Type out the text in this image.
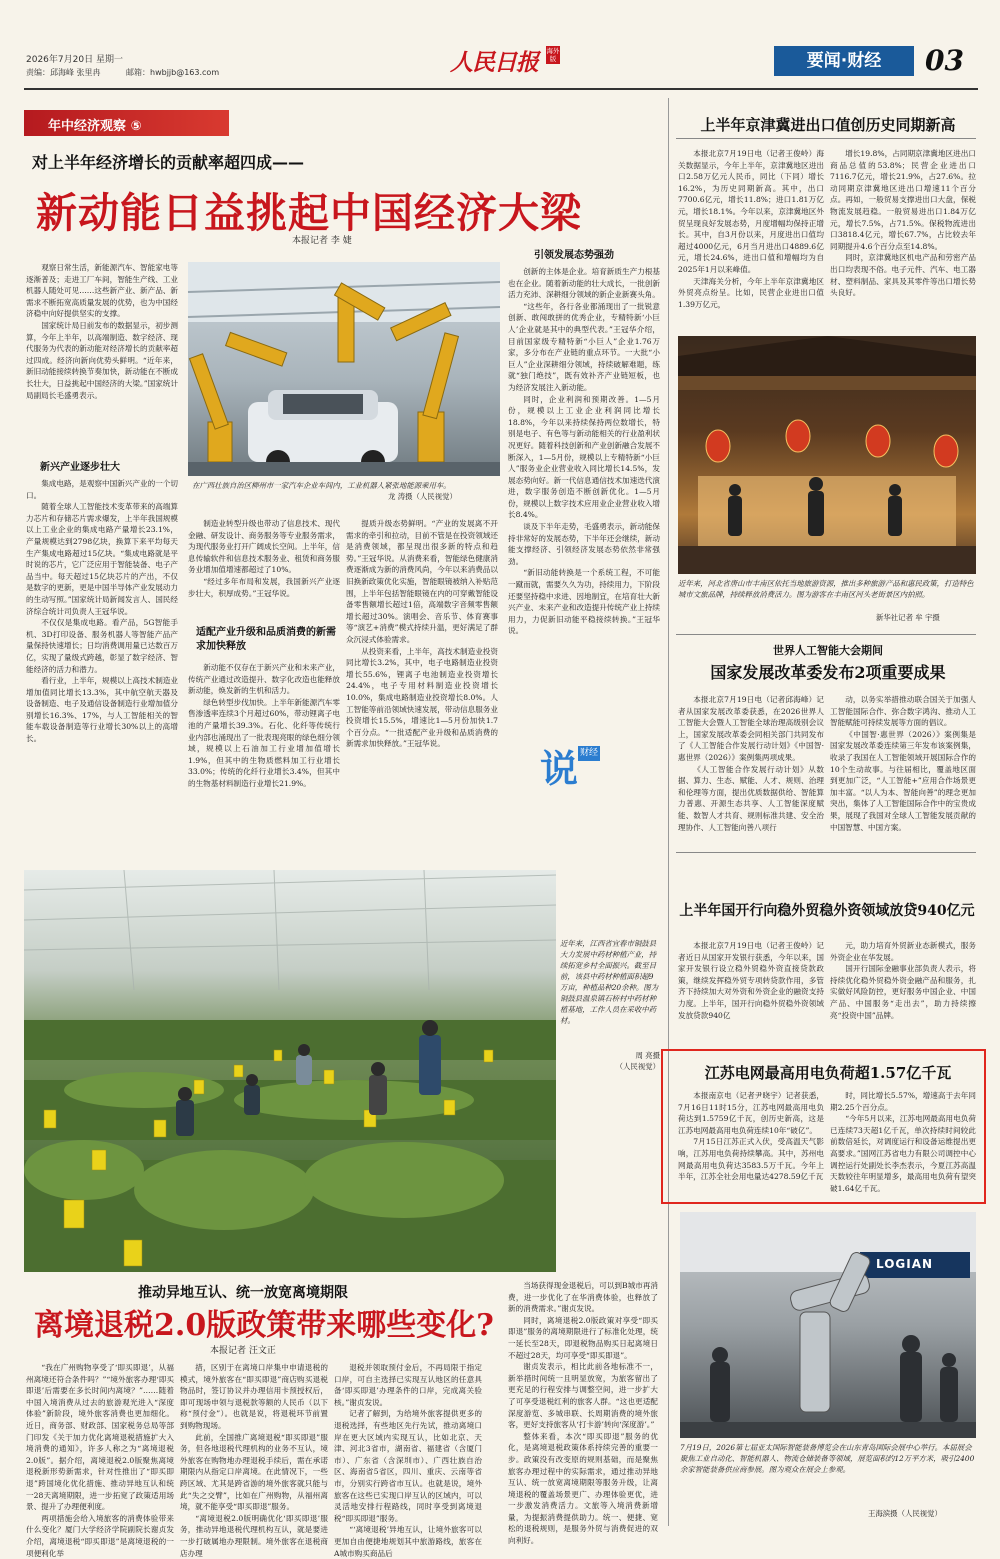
2026年7月20日 星期一
责编：邱海峰 张里冉	邮箱：hwbjjb@163.com	人民日报 海外版	要闻·财经	03
年中经济观察 ⑤
对上半年经济增长的贡献率超四成——
新动能日益挑起中国经济大梁
本报记者 李 婕

观察日常生活，新能源汽车、智能家电等逐渐普及；走进工厂车间，智能生产线、工业机器人随处可见……这些新产业、新产品、新需求不断拓宽高质量发展的优势，也为中国经济稳中向好提供坚实的支撑。

国家统计局日前发布的数据显示，初步测算，今年上半年，以高端制造、数字经济、现代服务为代表的新动能对经济增长的贡献率超过四成。经济向新向优势头鲜明。“近年来，新旧动能接续转换节奏加快，新动能在不断成长壮大，日益挑起中国经济的大梁。”国家统计局副局长毛盛勇表示。

新兴产业逐步壮大

集成电路，是观察中国新兴产业的一个切口。

随着全球人工智能技术变革带来的高端算力芯片和存储芯片需求爆发，上半年我国规模以上工业企业的集成电路产量增长23.1%，产量规模达到2798亿块，换算下来平均每天生产集成电路超过15亿块。“集成电路就是平时说的芯片，它广泛应用于智能装备、电子产品当中。每天超过15亿块芯片的产出，不仅是数字的更新，更是中国半导体产业发展动力的生动写照。”国家统计局新闻发言人、国民经济综合统计司负责人王冠华说。

不仅仅是集成电路。看产品，5G智能手机、3D打印设备、服务机器人等智能产品产量保持快速增长；日均消费调用量已达数百万亿，实现了量级式跨越，彰显了数字经济、智能经济的活力和潜力。

看行业，上半年，规模以上高技术制造业增加值同比增长13.3%，其中航空航天器及设备制造、电子及通信设备制造行业增加值分别增长16.3%、17%，与人工智能相关的智能车载设备制造等行业增长30%以上的高增长。

在广西壮族自治区柳州市一家汽车企业车间内，工业机器人紧张地能源乘用车。
龙 涛摄（人民视觉）

制造业转型升级也带动了信息技术、现代金融、研发设计、商务服务等专业服务需求，为现代服务业打开广阔成长空间。上半年，信息传输软件和信息技术服务业、租赁和商务服务业增加值增速都超过了10%。

“经过多年布局和发展，我国新兴产业逐步壮大，积厚成势。”王冠华说。

适配产业升级和品质消费的新需求加快释放

新动能不仅存在于新兴产业和未来产业，传统产业通过改造提升、数字化改造也能释放新动能，焕发新的生机和活力。

绿色转型步伐加快。上半年新能源汽车零售渗透率连续3个月超过60%，带动锂离子电池的产量增长39.3%。石化、化纤等传统行业内部也涌现出了一批表现亮眼的绿色细分领域，规模以上石油加工行业增加值增长1.9%，但其中的生物质燃料加工行业增长33.0%；传统的化纤行业增长3.4%，但其中的生物基材料制造行业增长21.9%。

提质升级态势鲜明。“产业的发展离不开需求的牵引和拉动，目前不管是在投资领域还是消费领域，都呈现出很多新的特点和趋势。”王冠华说。从消费来看，智能绿色健康消费逐渐成为新的消费风尚，今年以来消费品以旧换新政策优化实施，智能眼镜被纳入补贴范围，上半年包括智能眼镜在内的可穿戴智能设备零售额增长超过1倍，高端数字音频零售额增长超过30%。演唱会、音乐节、体育赛事等“演艺+消费”模式持续升温，更好满足了群众沉浸式体验需求。

从投资来看，上半年，高技术制造业投资同比增长3.2%，其中，电子电路制造业投资增长55.6%，锂离子电池制造业投资增长24.4%，电子专用材料制造业投资增长10.0%，集成电路制造业投资增长8.0%。人工智能等前沿领域快速发展，带动信息服务业投资增长15.5%，增速比1—5月份加快1.7个百分点。“一批适配产业升级和品质消费的新需求加快释放。”王冠华说。

引领发展态势强劲

创新的主体是企业。培育新质生产力根基也在企业。随着新动能的壮大成长，一批创新活力充沛、深耕细分领域的新企业新赛头角。

“这些年，各行各业都涌现出了一批锐意创新、敢闯敢拼的优秀企业，专精特新‘小巨人’企业就是其中的典型代表。”王冠华介绍，目前国家级专精特新“小巨人”企业1.76万家，多分布在产业链的重点环节。一大批“小巨人”企业深耕细分领域，持续破解难题，练就“独门绝技”，既有效补齐产业链短板，也为经济发展注入新动能。

同时，企业利润和预期改善。1—5月份，规模以上工业企业利润同比增长18.8%，今年以来持续保持两位数增长，特别是电子、有色等与新动能相关的行业盈利状况更好。随着科技创新和产业创新融合发展不断深入，1—5月份，规模以上专精特新“小巨人”服务业企业营业收入同比增长14.5%，发展态势向好。新一代信息通信技术加速迭代演进，数字服务创造不断创新优化。1—5月份，规模以上数字技术应用业企业营业收入增长8.4%。

谈及下半年走势，毛盛勇表示，新动能保持非常好的发展态势，下半年还会继续，新动能支撑经济、引领经济发展态势依然非常强劲。

“新旧动能转换是一个系统工程，不可能一蹴而就，需要久久为功，持续用力，下阶段还要坚持稳中求进、因地制宜，在培育壮大新兴产业、未来产业和改造提升传统产业上持续用力，力促新旧动能平稳接续转换。”王冠华说。

说 财经
近年来，江西省宜春市铜鼓县大力发展中药材种植产业，持续拓宽乡村全面振兴。截至目前，该县中药材种植面积超9万亩，种植品种20余种。图为铜鼓县温泉镇石桥村中药材种植基地，工作人员在采收中药材。
周 亮摄
（人民视觉）
推动异地互认、统一放宽离境期限
离境退税2.0版政策带来哪些变化?
本报记者 汪文正

“我在广州购物享受了‘即买即退’，从福州离境还符合条件吗？”“境外旅客办理‘即买即退’后需要在多长时间内离境？”……随着中国入境消费从过去的旅游观光进入“深度体验”新阶段，境外旅客消费也更加细化。近日，商务部、财政部、国家税务总局等部门印发《关于加力优化离境退税措施扩大入境消费的通知》，许多人称之为“离境退税2.0版”。据介绍，离境退税2.0版聚焦离境退税新形势新需求，针对性推出了“即买即退”跨国境化优化措施、推动异地互认和统一28天离境期限，进一步拓宽了政策适用场景、提升了办理便利度。

两项措施会给入境旅客的消费体验带来什么变化？厦门大学经济学院副院长谢贞发介绍，离境退税“即买即退”是离境退税的一项便利化举

措，区别于在离境口岸集中申请退税的模式，境外旅客在“即买即退”商店购买退税物品时，签订协议并办理信用卡预授权后，即可现场申领与退税款等额的人民币（以下称“预付金”）。也就是说，将退税环节前置到购物现场。

此前，全国推广离境退税“即买即退”服务，但各地退税代理机构的业务不互认，境外旅客在购物地办理退税手续后，需在承诺期限内从指定口岸离境。在此情况下，一些跨区域、尤其是跨省游的境外旅客就只能与此“失之交臂”，比如在广州购物，从福州离境，就不能享受“即买即退”服务。

“离境退税2.0版明确优化‘即买即退’服务，推动异地退税代理机构互认，就是要进一步打破属地办理限制。境外旅客在退税商店办理

退税并领取预付金后，不再局限于指定口岸，可自主选择已实现互认地区的任意具备‘即买即退’办理条件的口岸，完成离关验核。”谢贞发说。

记者了解到，为给境外旅客提供更多的退税选择，有些地区先行先试，推动离境口岸在更大区域内实现互认，比如北京、天津、河北3省市，湖南省、福建省（含厦门市）、广东省（含深圳市）、广西壮族自治区、海南省5省区，四川、重庆、云南等省市，分别实行跨省市互认。也就是说，境外旅客在这些已实现口岸互认的区域内，可以灵活地安排行程路线，同时享受到离境退税“即买即退”服务。

“‘离境退税’异地互认，让境外旅客可以更加自由便捷地规划其中旅游路线，旅客在A城市购买商品后

当场获得现金退税后，可以到B城市再消费，进一步优化了在华消费体验，也释放了新的消费需求。”谢贞发说。

同时，离境退税2.0版政策对享受“即买即退”服务的离境期限进行了标准化处理，统一延长至28天，即退税物品购买日起离境日不超过28天，均可享受“即买即退”。

谢贞发表示，相比此前各地标准不一，新举措时间统一且明显放宽，为旅客留出了更充足的行程安排与调整空间，进一步扩大了可享受退税红利的旅客人群。“这也更适配深度游览、多城串联、长周期消费的境外旅客，更好支持旅客从‘打卡游’转向‘深度游’。”

整体来看，本次“即买即退”服务的优化，是离境退税政策体系持续完善的重要一步。政策没有改变原的规则基础，而是聚焦旅客办理过程中的实际需求，通过推动异地互认、统一放宽离境期限等服务升级，让离境退税的覆盖场景更广、办理体验更优，进一步激发消费活力。文旅等入境消费新增量，为提振消费提供助力。统一、便捷、宽松的退税规则，是服务外贸与消费促进的双向利好。

上半年京津冀进出口值创历史同期新高

本报北京7月19日电（记者王俊岭）海关数据显示，今年上半年，京津冀地区进出口2.58万亿元人民币，同比（下同）增长16.2%，为历史同期新高。其中，出口7700.6亿元，增长11.8%；进口1.81万亿元，增长18.1%。今年以来，京津冀地区外贸呈现良好发展态势，月度增幅均保持正增长。其中，自3月份以来，月度进出口值均超过4000亿元，6月当月进出口4889.6亿元，增长24.6%，进出口值和增幅均为自2025年1月以来峰值。

天津海关分析，今年上半年京津冀地区外贸亮点纷呈。比如，民营企业进出口值1.39万亿元，

增长19.8%，占同期京津冀地区进出口商品总值的53.8%；民营企业进出口7116.7亿元，增长21.9%，占27.6%。拉动同期京津冀地区进出口增速11个百分点。再如，一般贸易支撑进出口大盘，保税物流发展趋稳。一般贸易进出口1.84万亿元，增长7.5%，占71.5%。保税物流进出口3818.4亿元，增长67.7%，占比较去年同期提升4.6个百分点至14.8%。

同时，京津冀地区机电产品和劳密产品出口均表现不俗。电子元件、汽车、电工器材、塑料制品、家具及其零件等出口增长势头良好。

近年来，河北省唐山市丰南区依托当地旅游资源，推出多种旅游产品和惠民政策，打造特色城市文旅品牌，持续释放消费活力。图为游客在丰南区河头老街景区内拍照。
新华社记者 牟 宇摄
世界人工智能大会期间
国家发展改革委发布2项重要成果

本报北京7月19日电（记者邱海峰）记者从国家发展改革委获悉，在2026世界人工智能大会暨人工智能全球治理高级别会议上，国家发展改革委会同相关部门共同发布了《人工智能合作发展行动计划》《中国智·惠世界（2026）》案例集两项成果。

《人工智能合作发展行动计划》从数据、算力、生态、赋能、人才、规则、治理和伦理等方面，提出优质数据供给、智能算力普惠、开源生态共享、人工智能深度赋能、数智人才共育、规则标准共建、安全治理协作、人工智能向善八项行

动，以务实举措推动联合国关于加强人工智能国际合作、弥合数字鸿沟、推动人工智能赋能可持续发展等方面的倡议。

《中国智·惠世界（2026）》案例集是国家发展改革委连续第三年发布该案例集，收录了我国在人工智能领域开展国际合作的10个生动故事。与往届相比，覆盖地区面到更加广泛，“人工智能+”应用合作场景更加丰富。“以人为本、智能向善”的理念更加突出，集体了人工智能国际合作中的宝贵成果，展现了我国对全球人工智能发展贡献的中国智慧、中国方案。

上半年国开行向稳外贸稳外资领域放贷940亿元

本报北京7月19日电（记者王俊岭）记者近日从国家开发银行获悉，今年以来，国家开发银行设立稳外贸稳外资直接贷款政策，继续发挥稳外贸专项转贷款作用，多管齐下持续加大对外资和外资企业的融资支持力度。上半年，国开行向稳外贸稳外资领域发放贷款940亿

元，助力培育外贸新业态新模式，服务外资企业在华发展。

国开行国际金融事业部负责人表示，将持续优化稳外贸稳外资金融产品和服务，扎实做好风险防控，更好服务中国企业、中国产品、中国服务“走出去”，助力持续擦亮“投资中国”品牌。

江苏电网最高用电负荷超1.57亿千瓦

本报南京电（记者尹晓宇）记者获悉，7月16日11时15分，江苏电网最高用电负荷达到1.5759亿千瓦，创历史新高，这是江苏电网最高用电负荷连续10年“破亿”。

7月15日江苏正式入伏，受高温天气影响，江苏用电负荷持续攀高。其中，苏州电网最高用电负荷达3583.5万千瓦。今年上半年，江苏全社会用电量达4278.59亿千瓦

时，同比增长5.57%，增速高于去年同期2.25个百分点。

“今年5月以来，江苏电网最高用电负荷已连续73天超1亿千瓦，单次持续时间较此前数倍延长，对调度运行和设备运维提出更高要求。”国网江苏省电力有限公司调控中心调控运行处副处长李杰表示，今夏江苏高温天数较往年明显增多，最高用电负荷有望突破1.64亿千瓦。

LOGIAN
7月19日，2026第七届亚太国际智能装备博览会在山东青岛国际会展中心举行。本届展会聚焦工业自动化、智能机器人、物流仓储装备等领域，展览面积约12万平方米，吸引2400余家智能装备供应商参展。图为观众在展会上参观。
王海滨摄（人民视觉）
